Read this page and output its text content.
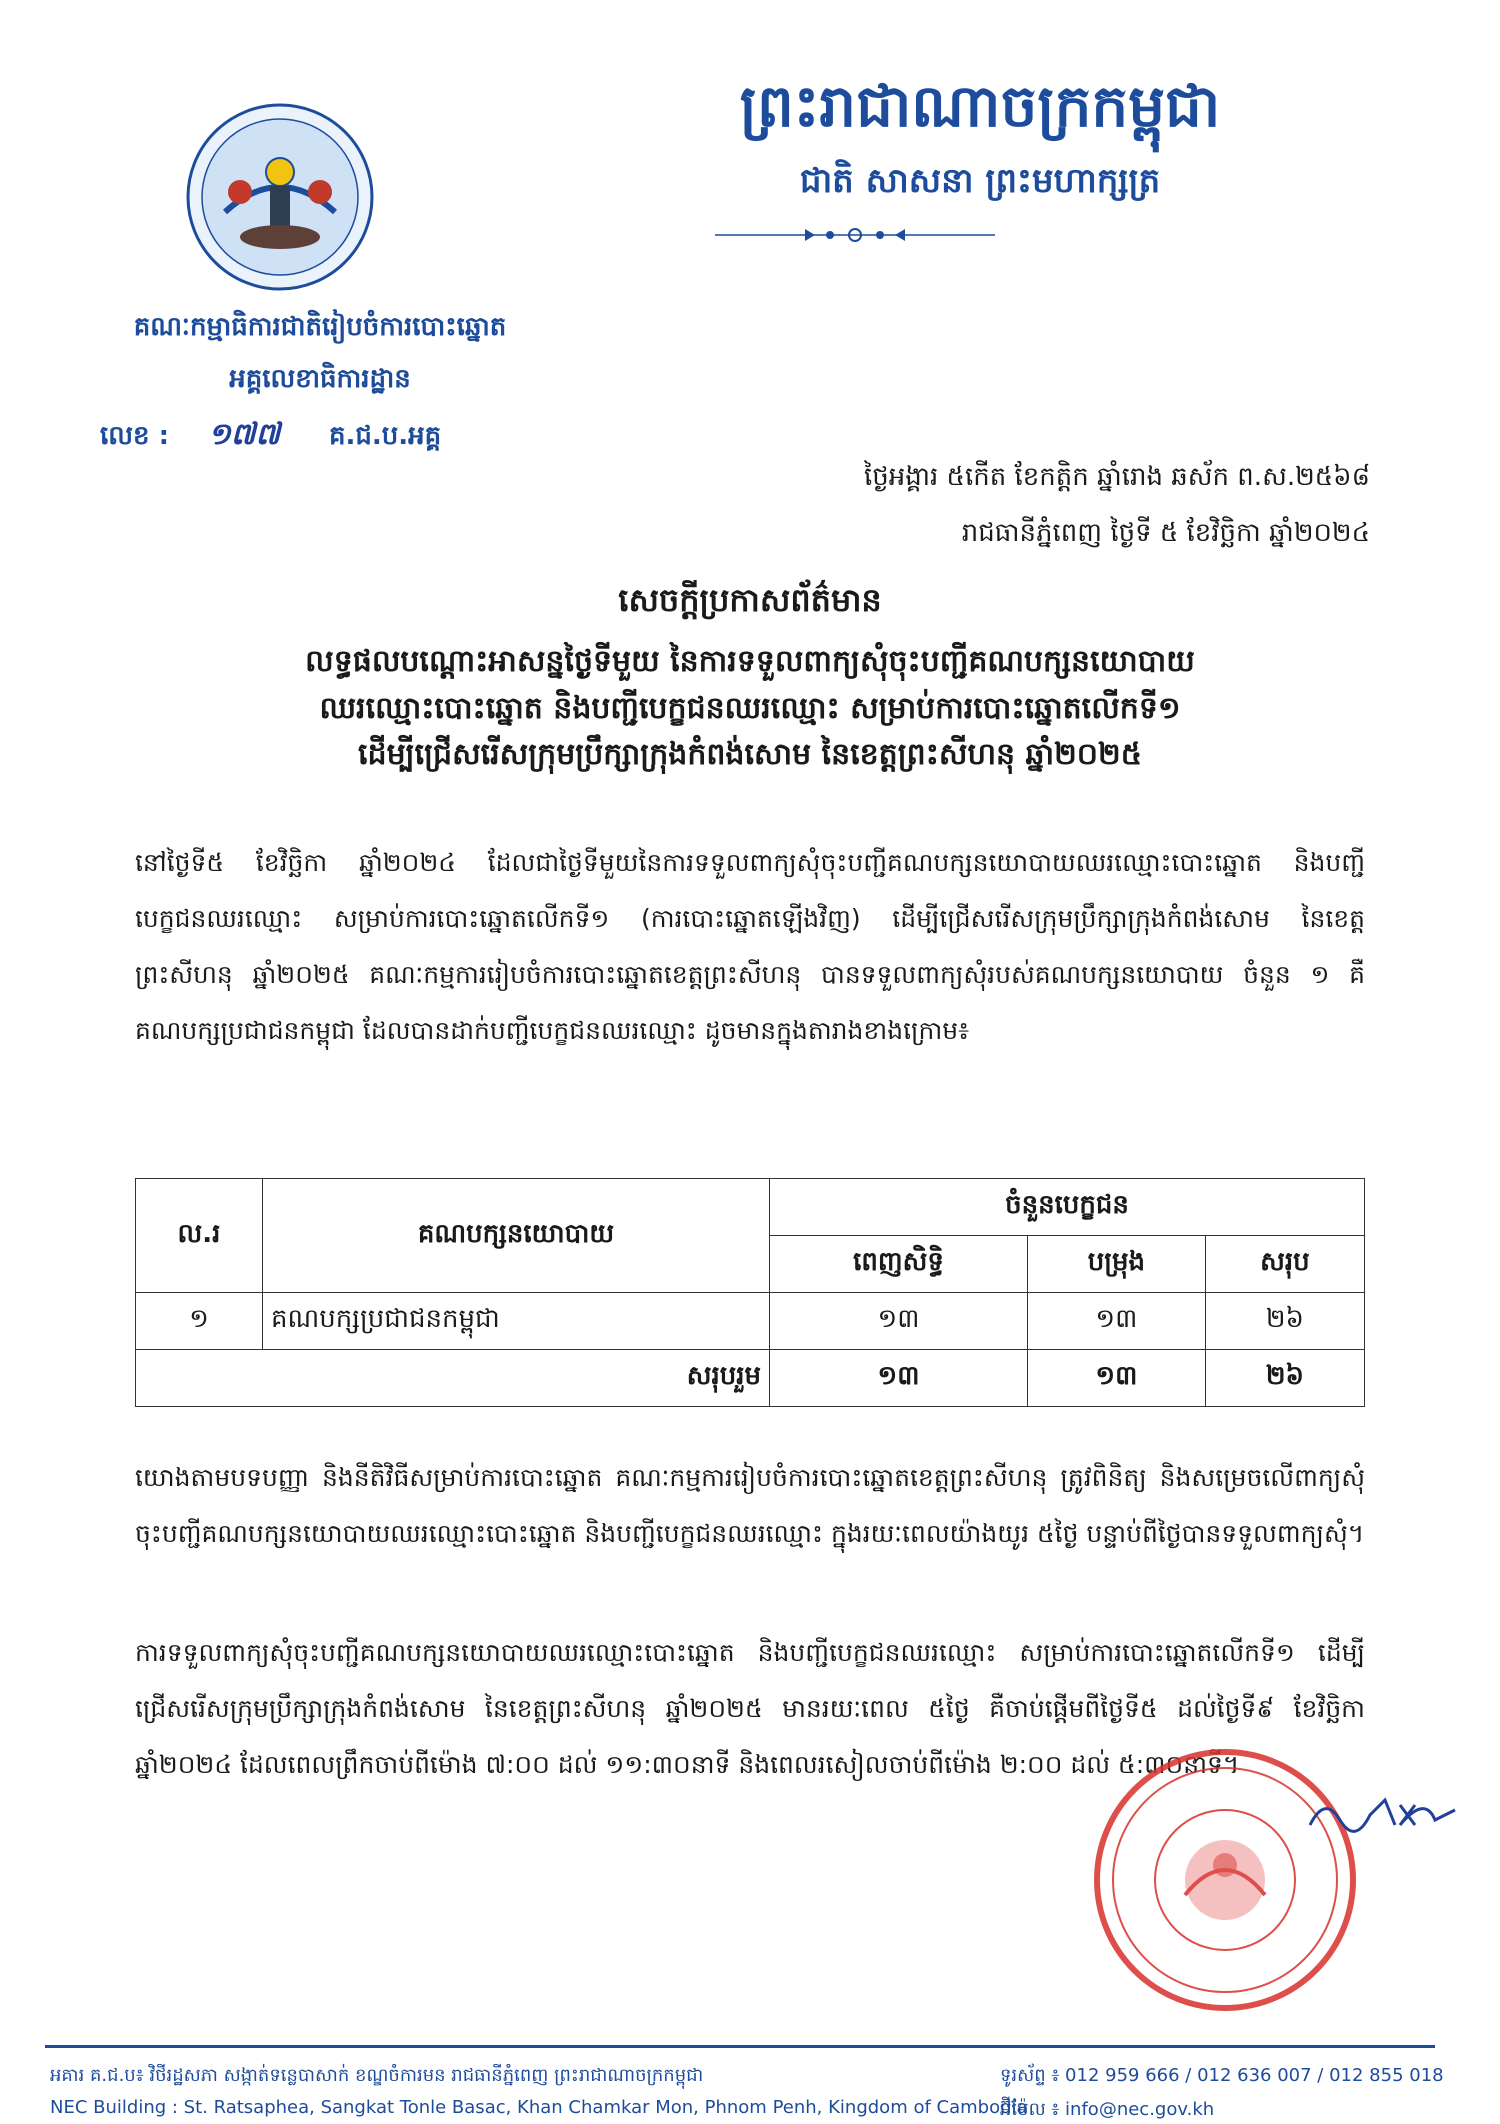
ព្រះរាជាណាចក្រកម្ពុជា
ជាតិ សាសនា ព្រះមហាក្សត្រ
គណៈកម្មាធិការជាតិរៀបចំការបោះឆ្នោត
អគ្គលេខាធិការដ្ឋាន
លេខ : ១៧៧ គ.ជ.ប.អគ្គ
ថ្ងៃអង្គារ ៥កើត ខែកត្តិក ឆ្នាំរោង ឆស័ក ព.ស.២៥៦៨
រាជធានីភ្នំពេញ ថ្ងៃទី ៥ ខែវិច្ឆិកា ឆ្នាំ២០២៤
សេចក្តីប្រកាសព័ត៌មាន
លទ្ធផលបណ្តោះអាសន្នថ្ងៃទីមួយ នៃការទទួលពាក្យសុំចុះបញ្ជីគណបក្សនយោបាយ
ឈរឈ្មោះបោះឆ្នោត និងបញ្ជីបេក្ខជនឈរឈ្មោះ សម្រាប់ការបោះឆ្នោតលើកទី១
ដើម្បីជ្រើសរើសក្រុមប្រឹក្សាក្រុងកំពង់សោម នៃខេត្តព្រះសីហនុ ឆ្នាំ២០២៥
នៅថ្ងៃទី៥ ខែវិច្ឆិកា ឆ្នាំ២០២៤ ដែលជាថ្ងៃទីមួយនៃការទទួលពាក្យសុំចុះបញ្ជីគណបក្សនយោបាយឈរឈ្មោះបោះឆ្នោត និងបញ្ជីបេក្ខជនឈរឈ្មោះ សម្រាប់ការបោះឆ្នោតលើកទី១ (ការបោះឆ្នោតឡើងវិញ) ដើម្បីជ្រើសរើសក្រុមប្រឹក្សាក្រុងកំពង់សោម នៃខេត្តព្រះសីហនុ ឆ្នាំ២០២៥ គណៈកម្មការរៀបចំការបោះឆ្នោតខេត្តព្រះសីហនុ បានទទួលពាក្យសុំរបស់គណបក្សនយោបាយ ចំនួន ១ គឺ គណបក្សប្រជាជនកម្ពុជា ដែលបានដាក់បញ្ជីបេក្ខជនឈរឈ្មោះ ដូចមានក្នុងតារាងខាងក្រោម៖
ល.រ	គណបក្សនយោបាយ	ចំនួនបេក្ខជន		
		ពេញសិទ្ធិ	បម្រុង	សរុប
១	គណបក្សប្រជាជនកម្ពុជា	១៣	១៣	២៦
សរុបរួម		១៣	១៣	២៦
យោងតាមបទបញ្ញា និងនីតិវិធីសម្រាប់ការបោះឆ្នោត គណៈកម្មការរៀបចំការបោះឆ្នោតខេត្តព្រះសីហនុ ត្រូវពិនិត្យ និងសម្រេចលើពាក្យសុំចុះបញ្ជីគណបក្សនយោបាយឈរឈ្មោះបោះឆ្នោត និងបញ្ជីបេក្ខជនឈរឈ្មោះ ក្នុងរយៈពេលយ៉ាងយូរ ៥ថ្ងៃ បន្ទាប់ពីថ្ងៃបានទទួលពាក្យសុំ។
ការទទួលពាក្យសុំចុះបញ្ជីគណបក្សនយោបាយឈរឈ្មោះបោះឆ្នោត និងបញ្ជីបេក្ខជនឈរឈ្មោះ សម្រាប់ការបោះឆ្នោតលើកទី១ ដើម្បីជ្រើសរើសក្រុមប្រឹក្សាក្រុងកំពង់សោម នៃខេត្តព្រះសីហនុ ឆ្នាំ២០២៥ មានរយៈពេល ៥ថ្ងៃ គឺចាប់ផ្តើមពីថ្ងៃទី៥ ដល់ថ្ងៃទី៩ ខែវិច្ឆិកា ឆ្នាំ២០២៤ ដែលពេលព្រឹកចាប់ពីម៉ោង ៧:០០ ដល់ ១១:៣០នាទី និងពេលរសៀលចាប់ពីម៉ោង ២:០០ ដល់ ៥:៣០នាទី។
អគារ គ.ជ.ប៖ វិថីរដ្ឋសភា សង្កាត់ទន្លេបាសាក់ ខណ្ឌចំការមន រាជធានីភ្នំពេញ ព្រះរាជាណាចក្រកម្ពុជា
NEC Building : St. Ratsaphea, Sangkat Tonle Basac, Khan Chamkar Mon, Phnom Penh, Kingdom of Cambodia
ទូរស័ព្ទ ៖ 012 959 666 / 012 636 007 / 012 855 018
អ៊ីម៉ែល ៖ info@nec.gov.kh
